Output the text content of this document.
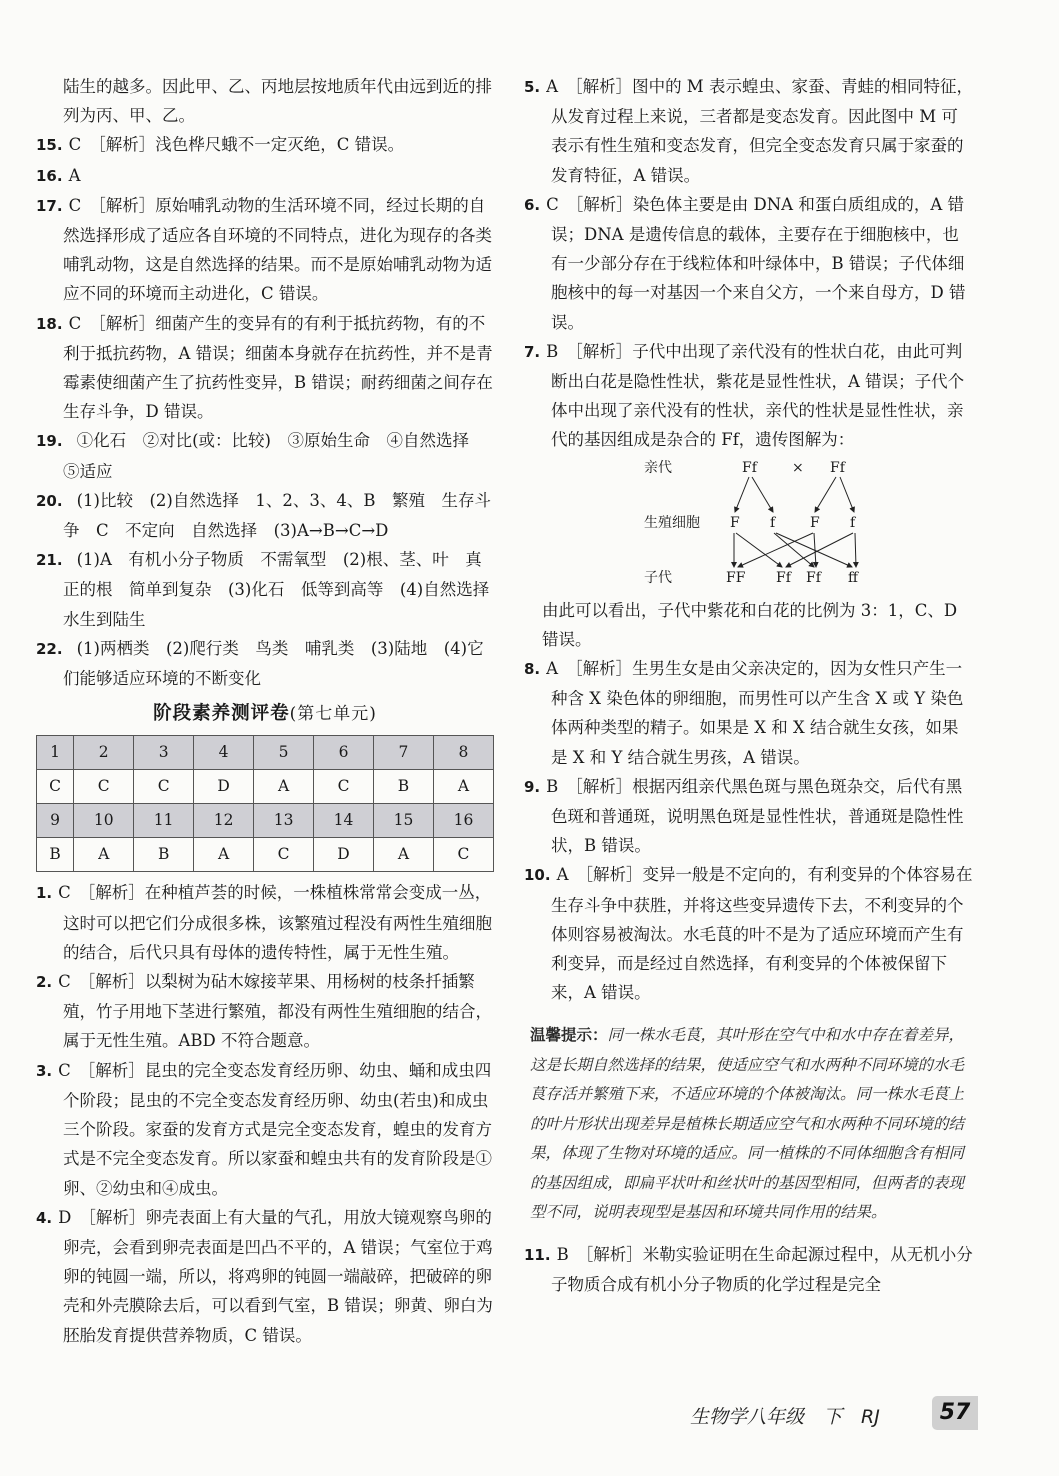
陆生的越多。因此甲、乙、丙地层按地质年代由远到近的排列为丙、甲、乙。

15. C ［解析］浅色桦尺蛾不一定灭绝，C 错误。

16. A

17. C ［解析］原始哺乳动物的生活环境不同，经过长期的自然选择形成了适应各自环境的不同特点，进化为现存的各类哺乳动物，这是自然选择的结果。而不是原始哺乳动物为适应不同的环境而主动进化，C 错误。

18. C ［解析］细菌产生的变异有的有利于抵抗药物，有的不利于抵抗药物，A 错误；细菌本身就存在抗药性，并不是青霉素使细菌产生了抗药性变异，B 错误；耐药细菌之间存在生存斗争，D 错误。

19. ①化石　②对比(或：比较)　③原始生命　④自然选择　⑤适应

20. (1)比较　(2)自然选择　1、2、3、4、B　繁殖　生存斗争　C　不定向　自然选择　(3)A→B→C→D

21. (1)A　有机小分子物质　不需氧型　(2)根、茎、叶　真正的根　简单到复杂　(3)化石　低等到高等　(4)自然选择　水生到陆生

22. (1)两栖类　(2)爬行类　鸟类　哺乳类　(3)陆地　(4)它们能够适应环境的不断变化

阶段素养测评卷(第七单元)
1	2	3	4	5	6	7	8
C	C	C	D	A	C	B	A
9	10	11	12	13	14	15	16
B	A	B	A	C	D	A	C

1. C ［解析］在种植芦荟的时候，一株植株常常会变成一丛，这时可以把它们分成很多株，该繁殖过程没有两性生殖细胞的结合，后代只具有母体的遗传特性，属于无性生殖。

2. C ［解析］以梨树为砧木嫁接苹果、用杨树的枝条扦插繁殖，竹子用地下茎进行繁殖，都没有两性生殖细胞的结合，属于无性生殖。ABD 不符合题意。

3. C ［解析］昆虫的完全变态发育经历卵、幼虫、蛹和成虫四个阶段；昆虫的不完全变态发育经历卵、幼虫(若虫)和成虫三个阶段。家蚕的发育方式是完全变态发育，蝗虫的发育方式是不完全变态发育。所以家蚕和蝗虫共有的发育阶段是①卵、②幼虫和④成虫。

4. D ［解析］卵壳表面上有大量的气孔，用放大镜观察鸟卵的卵壳，会看到卵壳表面是凹凸不平的，A 错误；气室位于鸡卵的钝圆一端，所以，将鸡卵的钝圆一端敲碎，把破碎的卵壳和外壳膜除去后，可以看到气室，B 错误；卵黄、卵白为胚胎发育提供营养物质，C 错误。

5. A ［解析］图中的 M 表示蝗虫、家蚕、青蛙的相同特征，从发育过程上来说，三者都是变态发育。因此图中 M 可表示有性生殖和变态发育，但完全变态发育只属于家蚕的发育特征，A 错误。

6. C ［解析］染色体主要是由 DNA 和蛋白质组成的，A 错误；DNA 是遗传信息的载体，主要存在于细胞核中，也有一少部分存在于线粒体和叶绿体中，B 错误；子代体细胞核中的每一对基因一个来自父方，一个来自母方，D 错误。

7. B ［解析］子代中出现了亲代没有的性状白花，由此可判断出白花是隐性性状，紫花是显性性状，A 错误；子代个体中出现了亲代没有的性状，亲代的性状是显性性状，亲代的基因组成是杂合的 Ff，遗传图解为：

亲代
生殖细胞
子代
Ff	× Ff
F f F f
FF Ff Ff ff

由此可以看出，子代中紫花和白花的比例为 3：1，C、D 错误。

8. A ［解析］生男生女是由父亲决定的，因为女性只产生一种含 X 染色体的卵细胞，而男性可以产生含 X 或 Y 染色体两种类型的精子。如果是 X 和 X 结合就生女孩，如果是 X 和 Y 结合就生男孩，A 错误。

9. B ［解析］根据丙组亲代黑色斑与黑色斑杂交，后代有黑色斑和普通斑，说明黑色斑是显性性状，普通斑是隐性性状，B 错误。

10. A ［解析］变异一般是不定向的，有利变异的个体容易在生存斗争中获胜，并将这些变异遗传下去，不利变异的个体则容易被淘汰。水毛茛的叶不是为了适应环境而产生有利变异，而是经过自然选择，有利变异的个体被保留下来，A 错误。

温馨提示：同一株水毛茛，其叶形在空气中和水中存在着差异，这是长期自然选择的结果，使适应空气和水两种不同环境的水毛茛存活并繁殖下来，不适应环境的个体被淘汰。同一株水毛茛上的叶片形状出现差异是植株长期适应空气和水两种不同环境的结果，体现了生物对环境的适应。同一植株的不同体细胞含有相同的基因组成，即扁平状叶和丝状叶的基因型相同，但两者的表现型不同，说明表现型是基因和环境共同作用的结果。

11. B ［解析］米勒实验证明在生命起源过程中，从无机小分子物质合成有机小分子物质的化学过程是完全

生物学八年级　下　RJ	57
